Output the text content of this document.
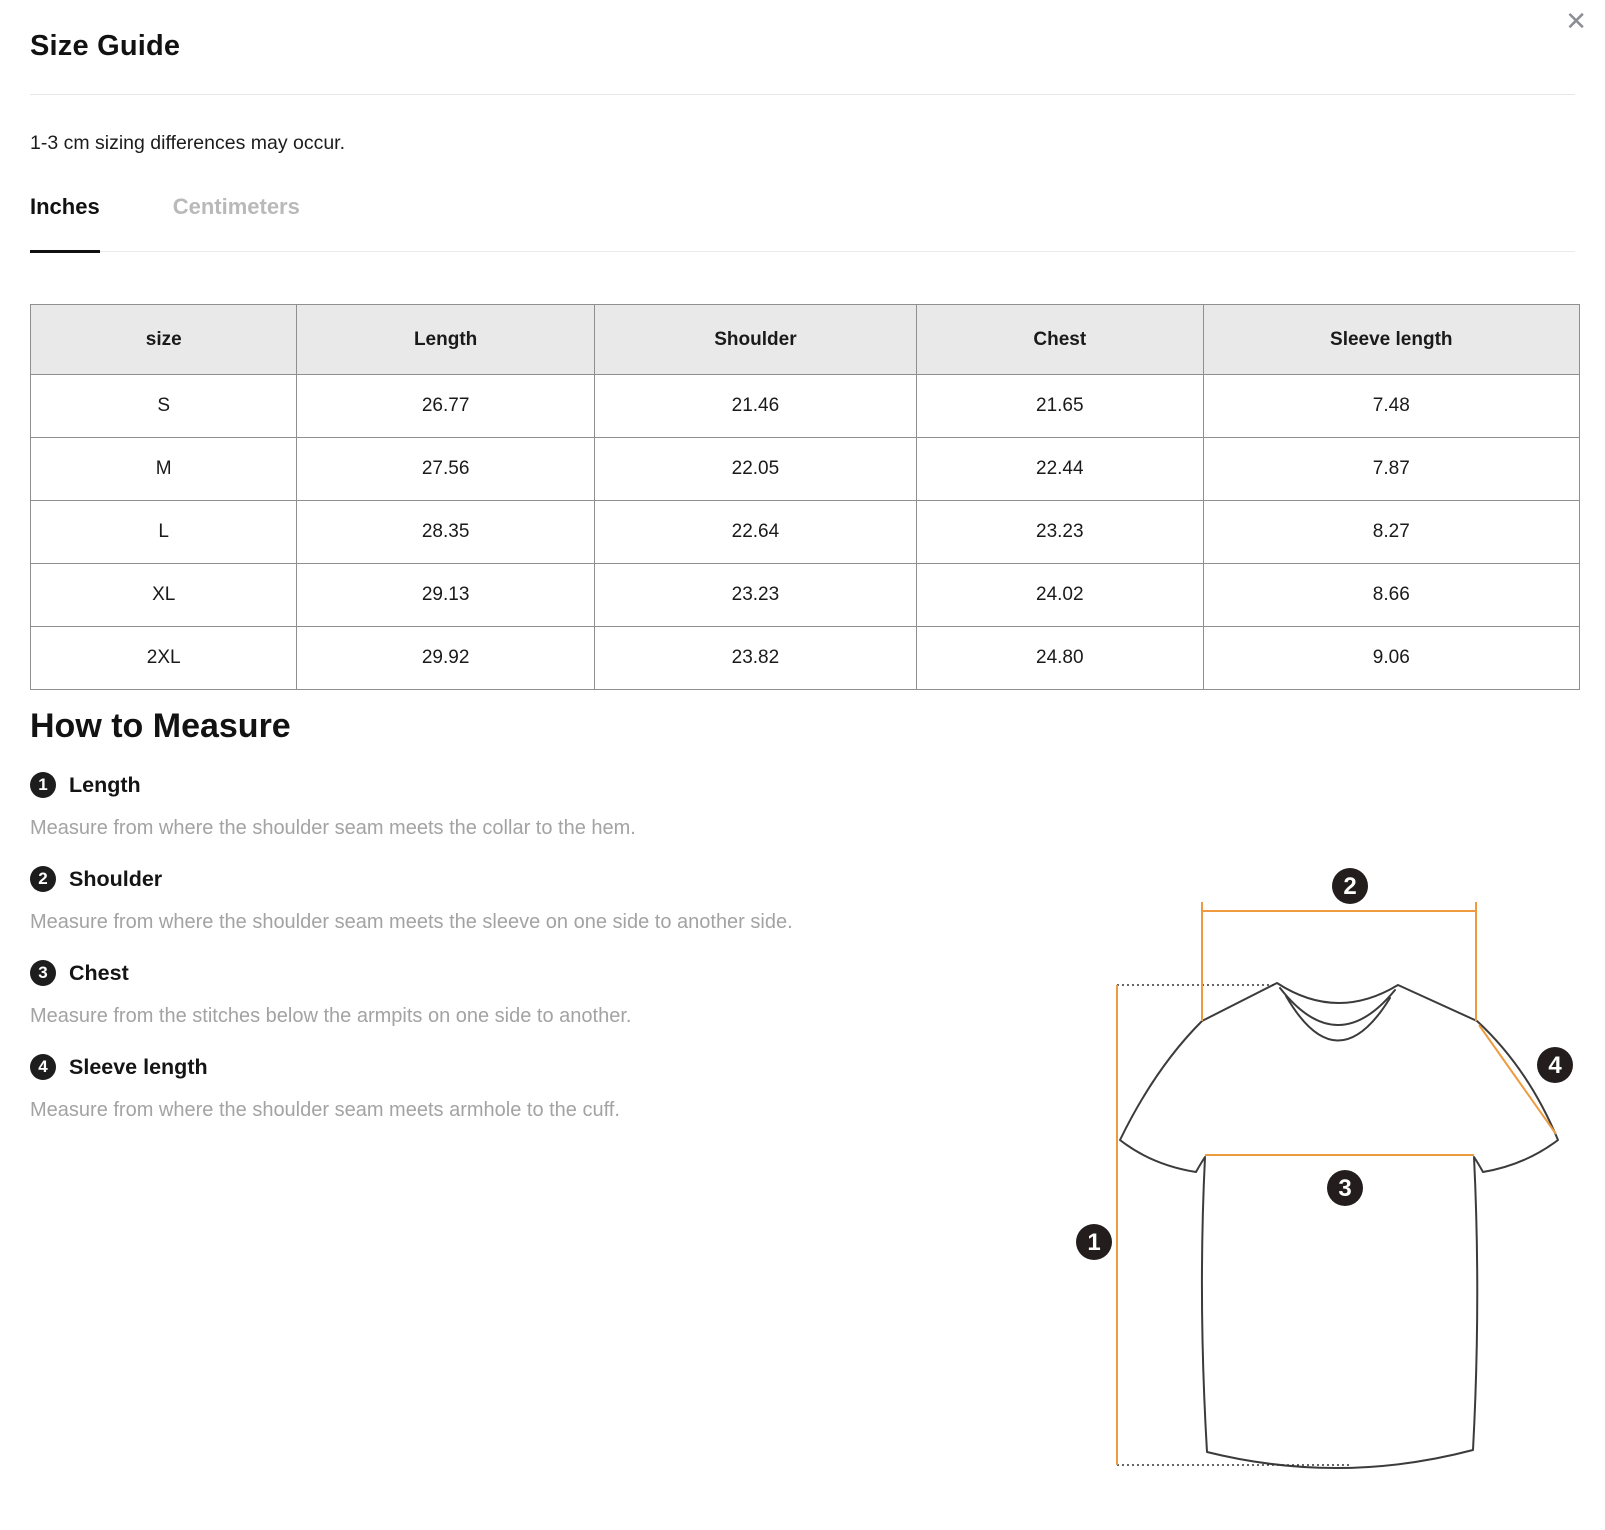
✕
Size Guide

1-3 cm sizing differences may occur.

Inches	Centimeters
size	Length	Shoulder	Chest	Sleeve length
S	26.77	21.46	21.65	7.48
M	27.56	22.05	22.44	7.87
L	28.35	22.64	23.23	8.27
XL	29.13	23.23	24.02	8.66
2XL	29.92	23.82	24.80	9.06
How to Measure
1 Length

Measure from where the shoulder seam meets the collar to the hem.

2 Shoulder

Measure from where the shoulder seam meets the sleeve on one side to another side.

3 Chest

Measure from the stitches below the armpits on one side to another.

4 Sleeve length

Measure from where the shoulder seam meets armhole to the cuff.

1
2
3
4
